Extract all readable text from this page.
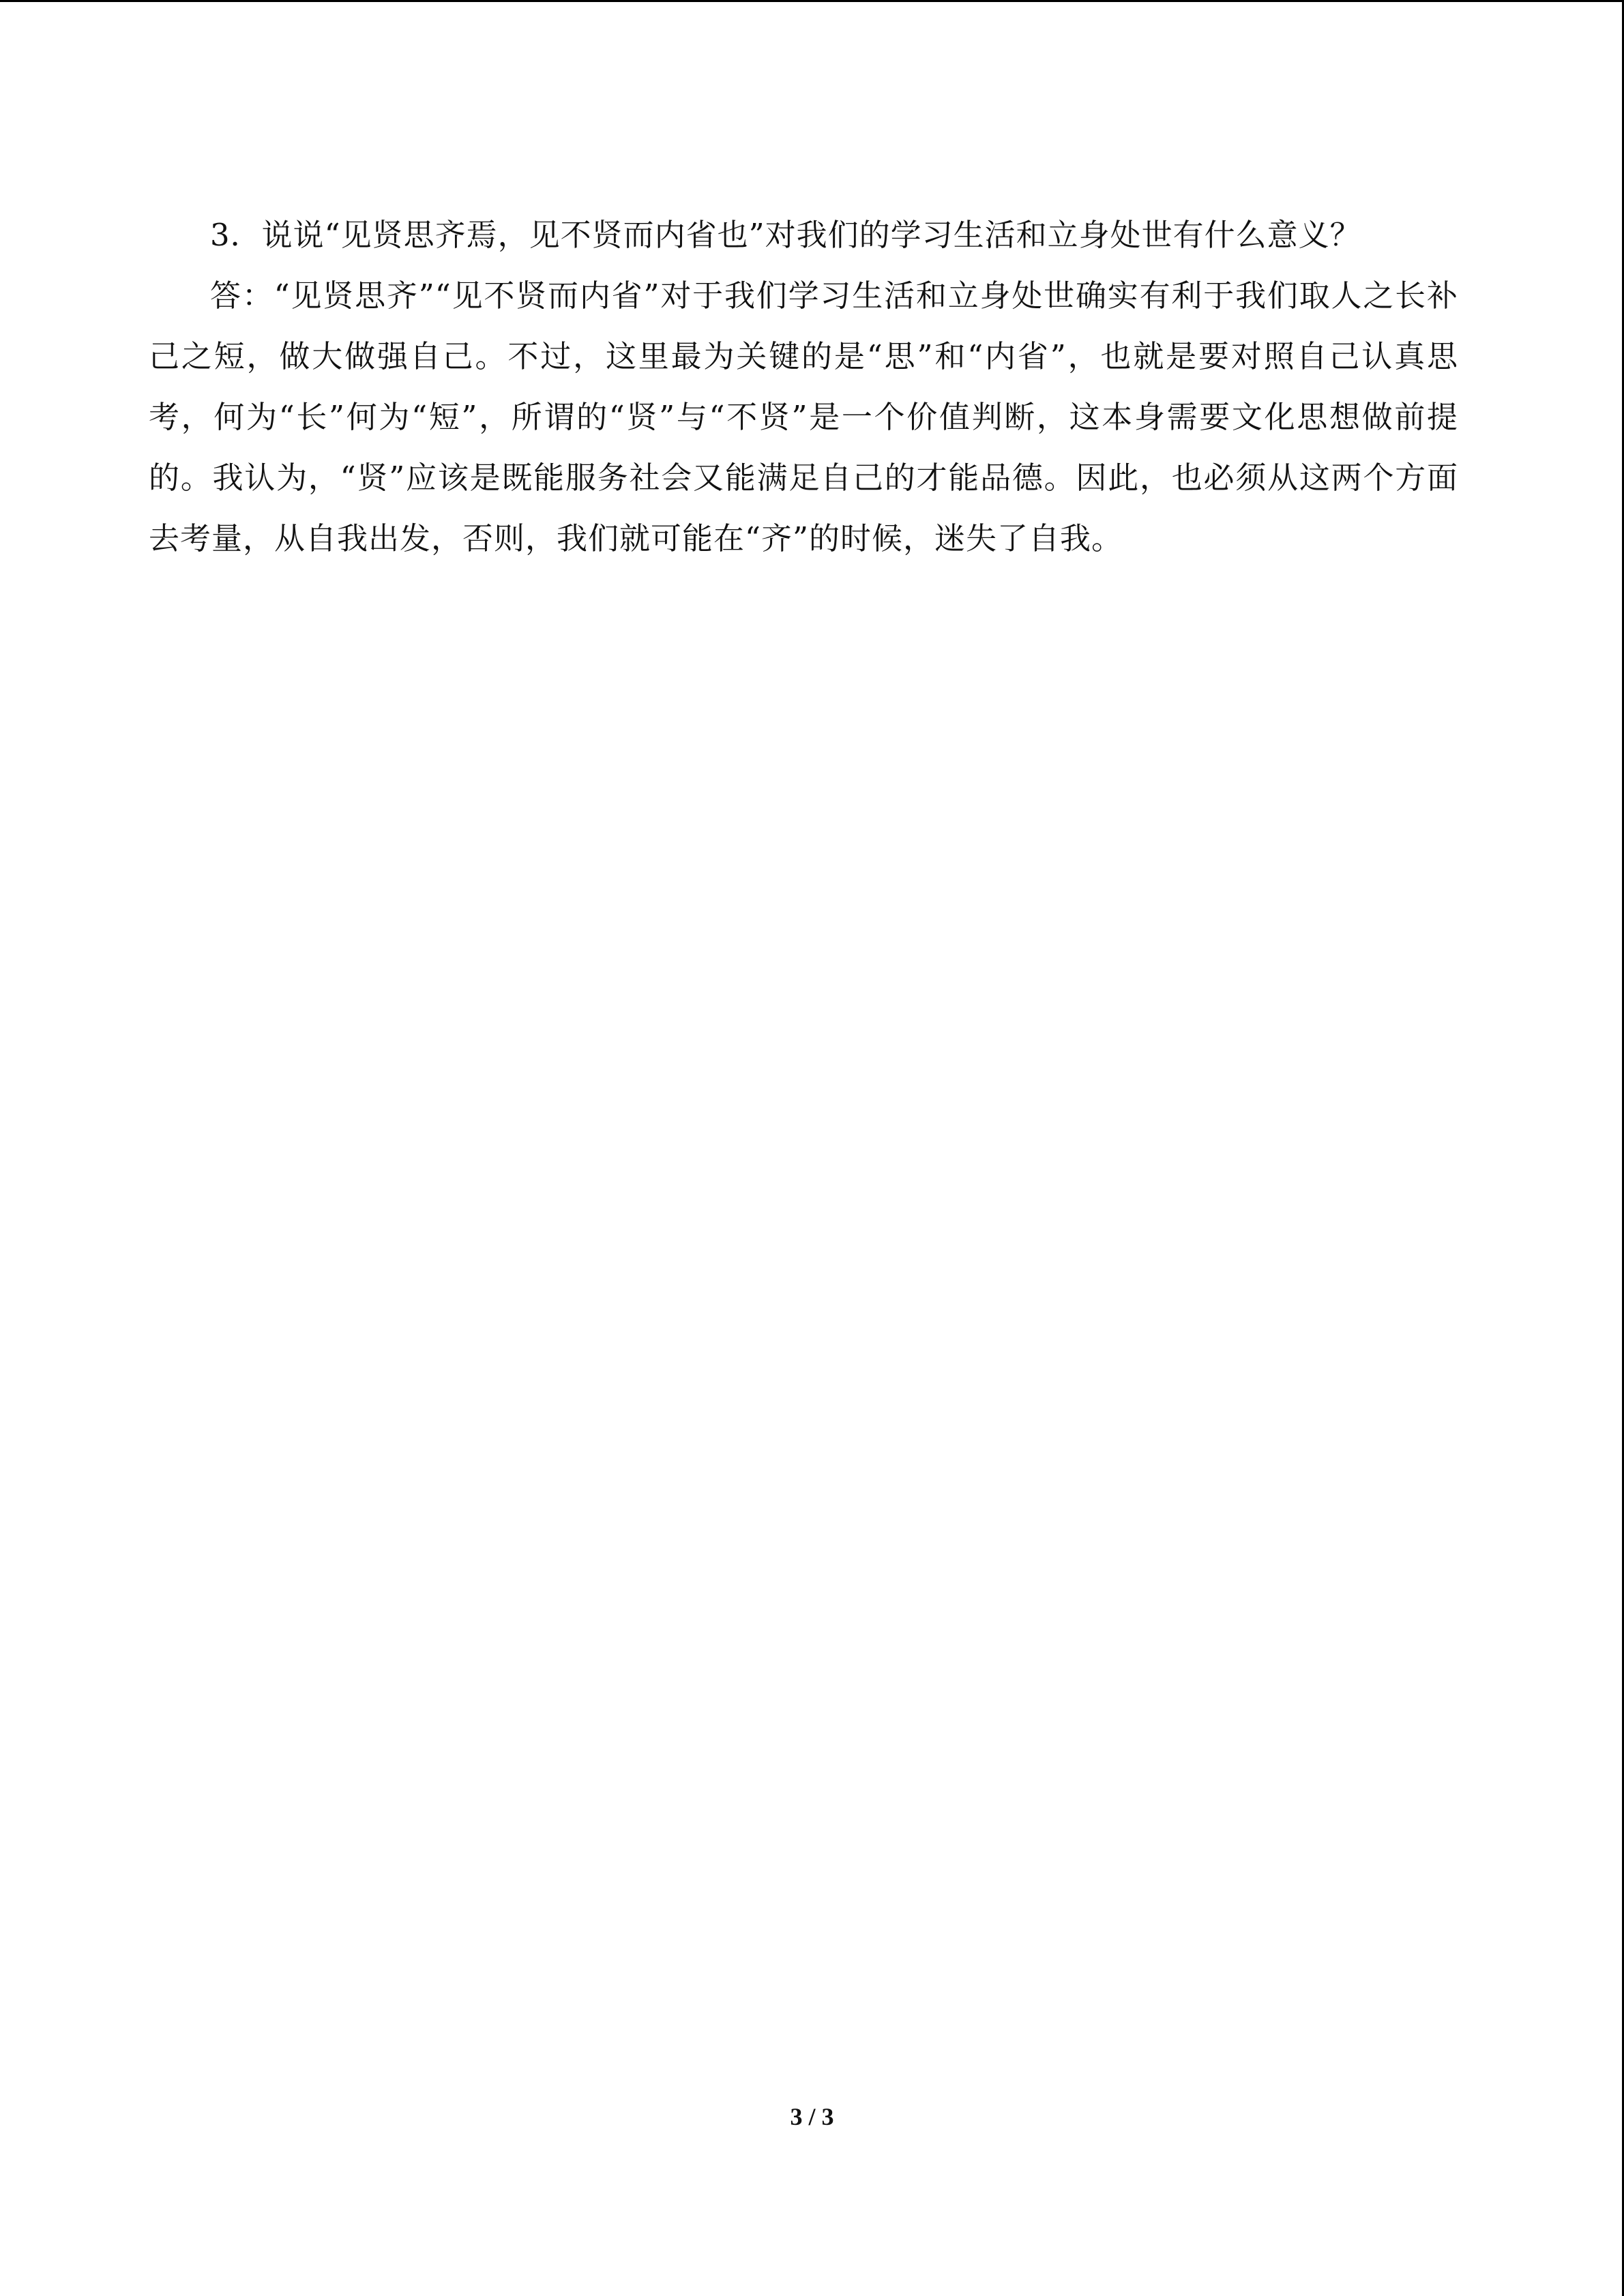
3．说说“见贤思齐焉，见不贤而内省也”对我们的学习生活和立身处世有什么意义？

答：“见贤思齐”“见不贤而内省”对于我们学习生活和立身处世确实有利于我们取人之长补己之短，做大做强自己。不过，这里最为关键的是“思”和“内省”，也就是要对照自己认真思考，何为“长”何为“短”，所谓的“贤”与“不贤”是一个价值判断，这本身需要文化思想做前提的。我认为，“贤”应该是既能服务社会又能满足自己的才能品德。因此，也必须从这两个方面去考量，从自我出发，否则，我们就可能在“齐”的时候，迷失了自我。

3 / 3
